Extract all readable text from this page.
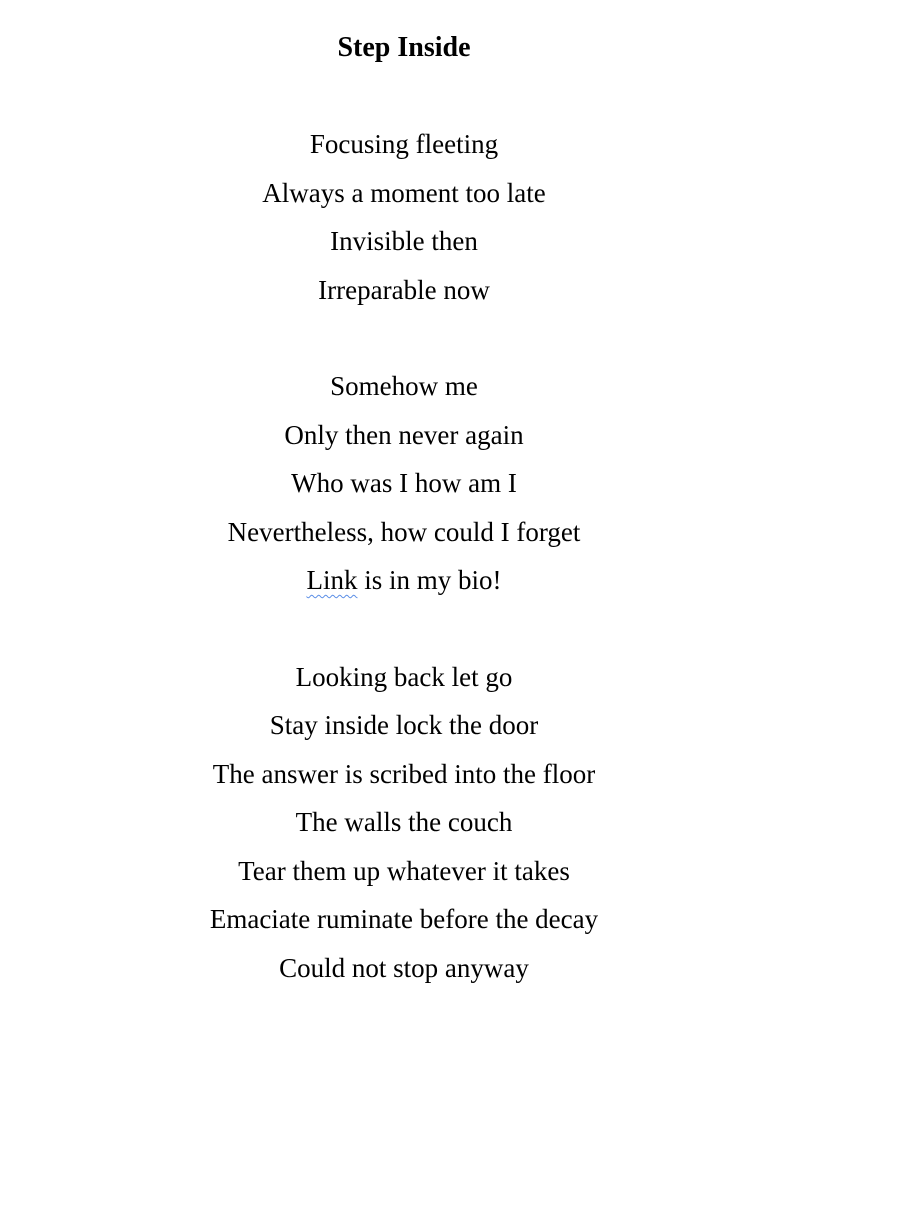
Step Inside
Focusing fleeting
Always a moment too late
Invisible then
Irreparable now
Somehow me
Only then never again
Who was I how am I
Nevertheless, how could I forget
Link is in my bio!
Looking back let go
Stay inside lock the door
The answer is scribed into the floor
The walls the couch
Tear them up whatever it takes
Emaciate ruminate before the decay
Could not stop anyway
